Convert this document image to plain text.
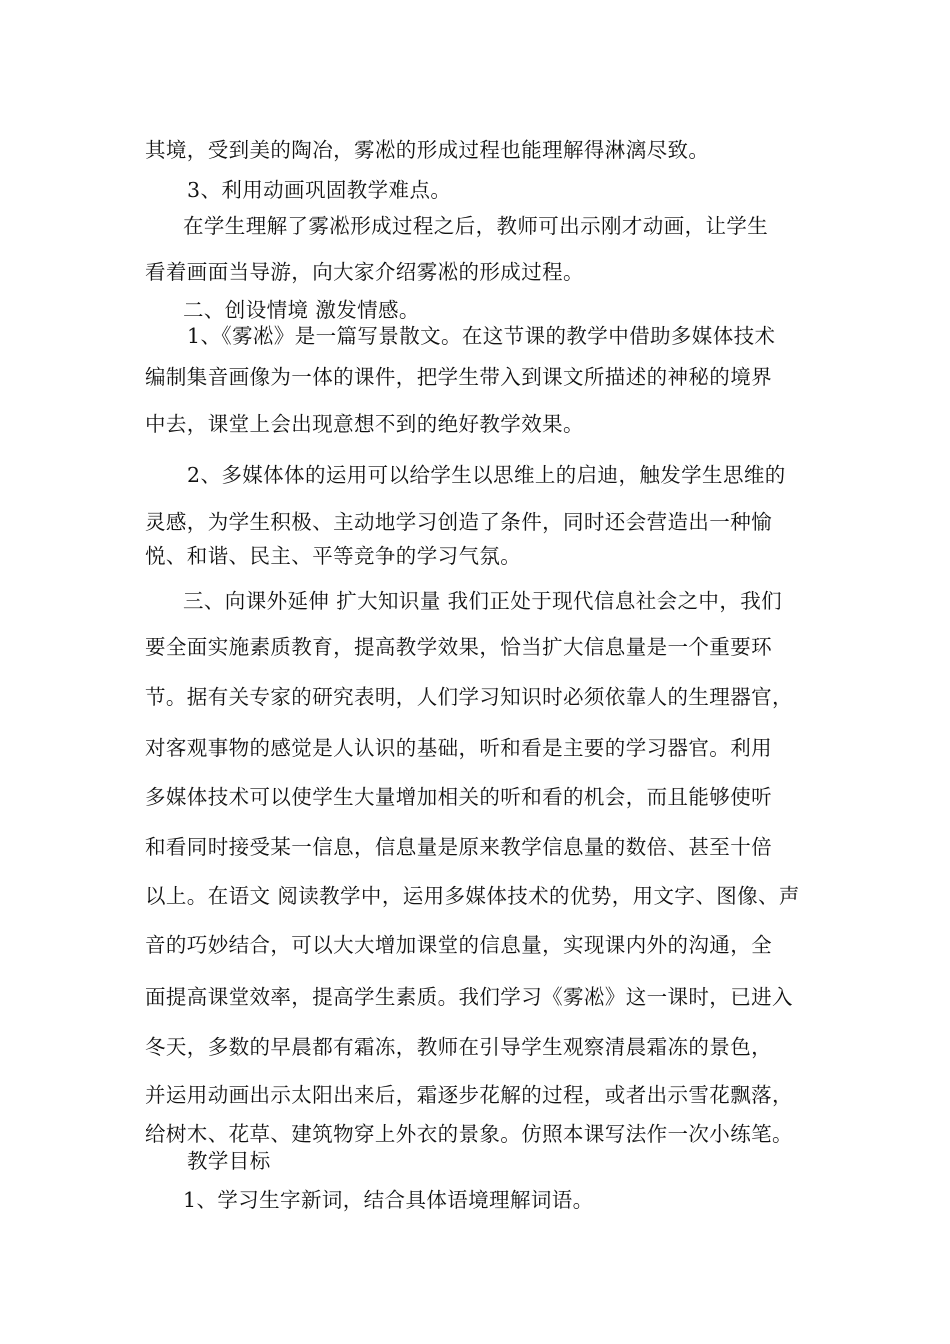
其境，受到美的陶冶，雾凇的形成过程也能理解得淋漓尽致。
3、利用动画巩固教学难点。
在学生理解了雾凇形成过程之后，教师可出示刚才动画，让学生
看着画面当导游，向大家介绍雾凇的形成过程。
二、创设情境 激发情感。
1、《雾凇》是一篇写景散文。在这节课的教学中借助多媒体技术
编制集音画像为一体的课件，把学生带入到课文所描述的神秘的境界
中去，课堂上会出现意想不到的绝好教学效果。
2、多媒体体的运用可以给学生以思维上的启迪，触发学生思维的
灵感，为学生积极、主动地学习创造了条件，同时还会营造出一种愉
悦、和谐、民主、平等竞争的学习气氛。
三、向课外延伸 扩大知识量 我们正处于现代信息社会之中，我们
要全面实施素质教育，提高教学效果，恰当扩大信息量是一个重要环
节。据有关专家的研究表明，人们学习知识时必须依靠人的生理器官，
对客观事物的感觉是人认识的基础，听和看是主要的学习器官。利用
多媒体技术可以使学生大量增加相关的听和看的机会，而且能够使听
和看同时接受某一信息，信息量是原来教学信息量的数倍、甚至十倍
以上。在语文 阅读教学中，运用多媒体技术的优势，用文字、图像、声
音的巧妙结合，可以大大增加课堂的信息量，实现课内外的沟通，全
面提高课堂效率，提高学生素质。我们学习《雾凇》这一课时，已进入
冬天，多数的早晨都有霜冻，教师在引导学生观察清晨霜冻的景色，
并运用动画出示太阳出来后，霜逐步花解的过程，或者出示雪花飘落，
给树木、花草、建筑物穿上外衣的景象。仿照本课写法作一次小练笔。
教学目标
1、学习生字新词，结合具体语境理解词语。
